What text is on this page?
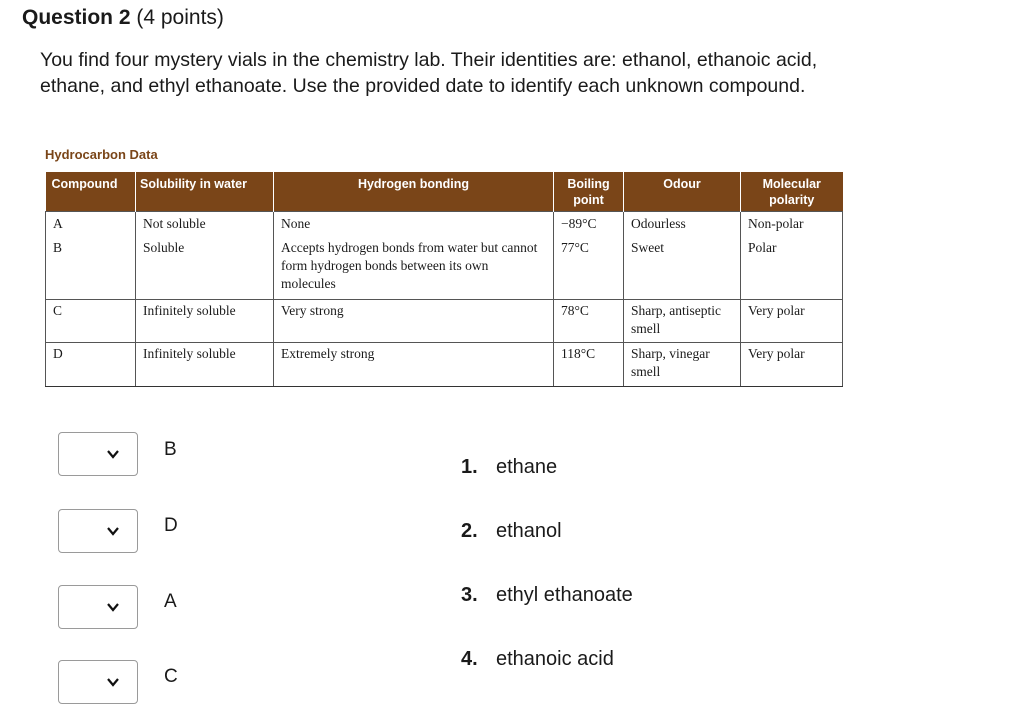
Question 2 (4 points)
You find four mystery vials in the chemistry lab. Their identities are: ethanol, ethanoic acid, ethane, and ethyl ethanoate. Use the provided date to identify each unknown compound.
Hydrocarbon Data
Compound	Solubility in water	Hydrogen bonding	Boiling point	Odour	Molecular polarity
A	Not soluble	None	−89°C	Odourless	Non-polar
B	Soluble	Accepts hydrogen bonds from water but cannot form hydrogen bonds between its own molecules	77°C	Sweet	Polar
C	Infinitely soluble	Very strong	78°C	Sharp, antiseptic smell	Very polar
D	Infinitely soluble	Extremely strong	118°C	Sharp, vinegar smell	Very polar
B
D
A
C
1. ethane
2. ethanol
3. ethyl ethanoate
4. ethanoic acid
